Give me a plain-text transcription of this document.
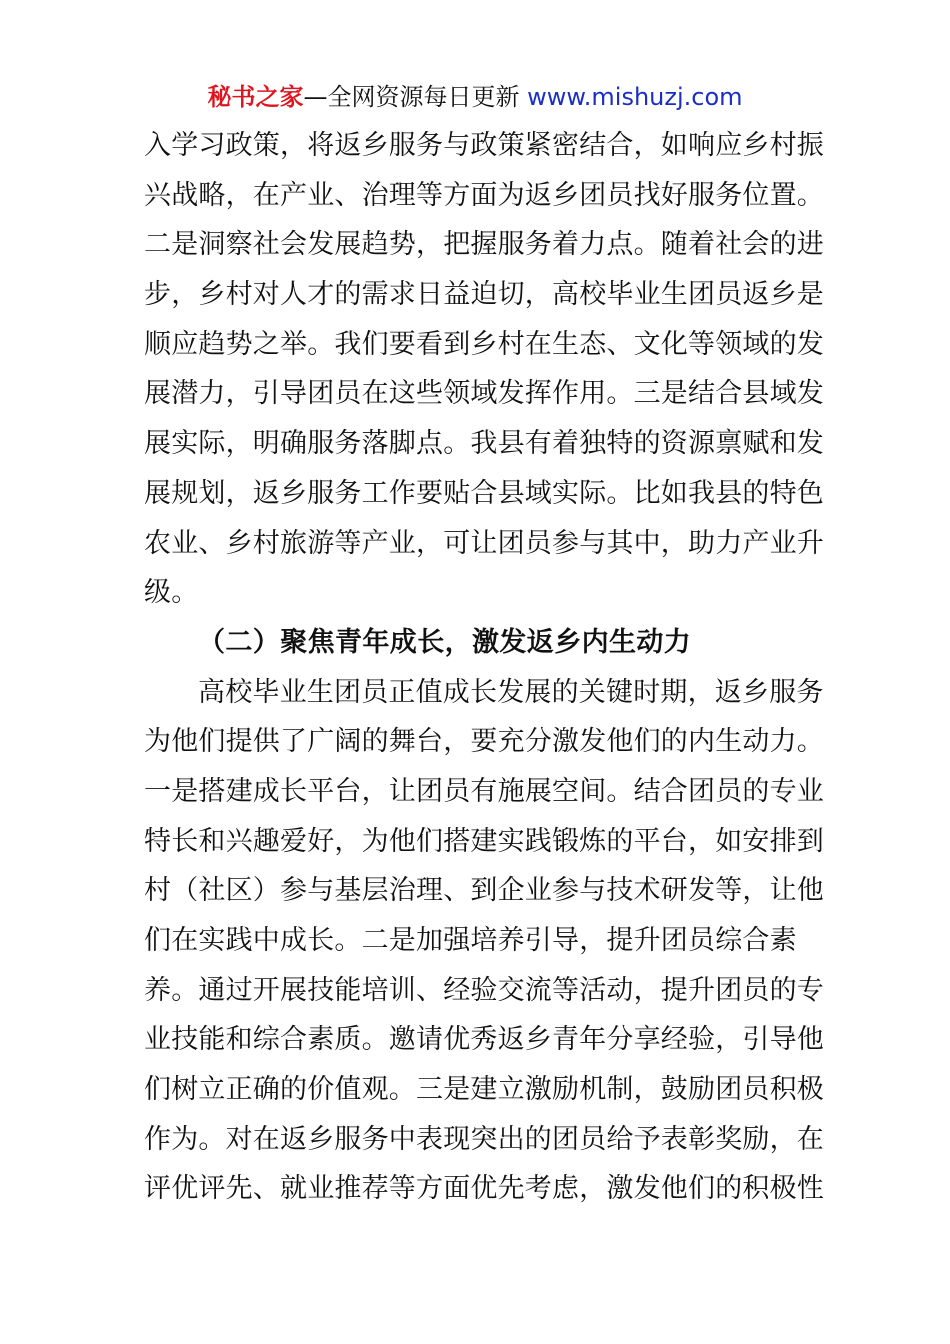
秘书之家—全网资源每日更新 www.mishuzj.com
入学习政策，将返乡服务与政策紧密结合，如响应乡村振
兴战略，在产业、治理等方面为返乡团员找好服务位置。
二是洞察社会发展趋势，把握服务着力点。随着社会的进
步，乡村对人才的需求日益迫切，高校毕业生团员返乡是
顺应趋势之举。我们要看到乡村在生态、文化等领域的发
展潜力，引导团员在这些领域发挥作用。三是结合县域发
展实际，明确服务落脚点。我县有着独特的资源禀赋和发
展规划，返乡服务工作要贴合县域实际。比如我县的特色
农业、乡村旅游等产业，可让团员参与其中，助力产业升
级。
（二）聚焦青年成长，激发返乡内生动力
高校毕业生团员正值成长发展的关键时期，返乡服务
为他们提供了广阔的舞台，要充分激发他们的内生动力。
一是搭建成长平台，让团员有施展空间。结合团员的专业
特长和兴趣爱好，为他们搭建实践锻炼的平台，如安排到
村（社区）参与基层治理、到企业参与技术研发等，让他
们在实践中成长。二是加强培养引导，提升团员综合素
养。通过开展技能培训、经验交流等活动，提升团员的专
业技能和综合素质。邀请优秀返乡青年分享经验，引导他
们树立正确的价值观。三是建立激励机制，鼓励团员积极
作为。对在返乡服务中表现突出的团员给予表彰奖励，在
评优评先、就业推荐等方面优先考虑，激发他们的积极性
